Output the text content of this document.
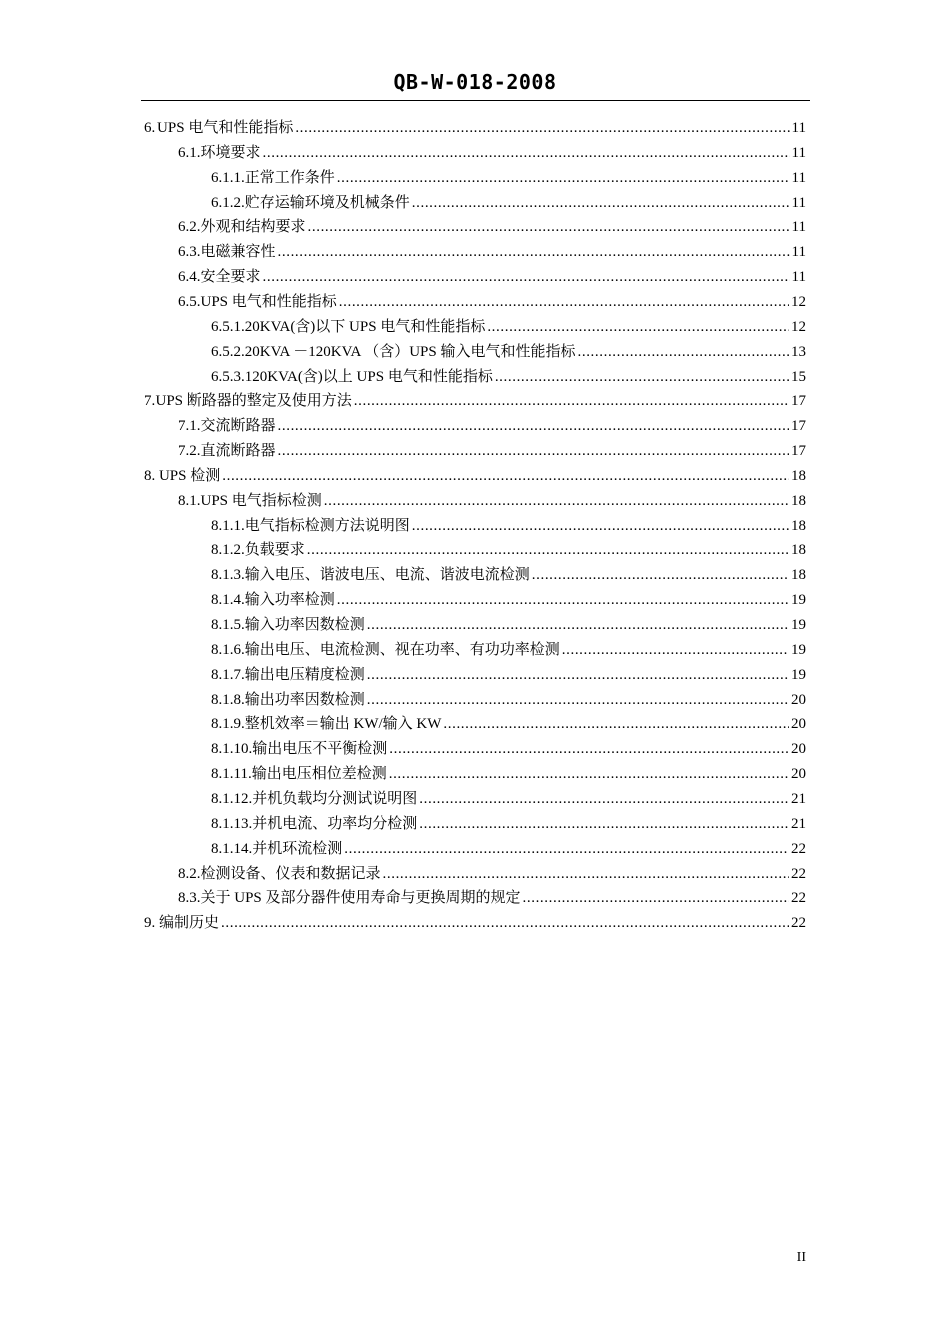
QB-W-018-2008
6. UPS 电气和性能指标 .....	11
6.1. 环境要求 .....	11
6.1.1. 正常工作条件 .....	11
6.1.2. 贮存运输环境及机械条件 .....	11
6.2. 外观和结构要求 .....	11
6.3. 电磁兼容性 .....	11
6.4. 安全要求 .....	11
6.5. UPS 电气和性能指标 .....	12
6.5.1. 20KVA(含)以下 UPS 电气和性能指标 .....	12
6.5.2. 20KVA －120KVA （含）UPS 输入电气和性能指标 .....	13
6.5.3. 120KVA(含)以上 UPS 电气和性能指标 .....	15
7. UPS 断路器的整定及使用方法 .....	17
7.1. 交流断路器 .....	17
7.2. 直流断路器 .....	17
8. UPS 检测 .....	18
8.1. UPS 电气指标检测 .....	18
8.1.1. 电气指标检测方法说明图 .....	18
8.1.2. 负载要求 .....	18
8.1.3. 输入电压、谐波电压、电流、谐波电流检测 .....	18
8.1.4. 输入功率检测 .....	19
8.1.5. 输入功率因数检测 .....	19
8.1.6. 输出电压、电流检测、视在功率、有功功率检测 .....	19
8.1.7. 输出电压精度检测 .....	19
8.1.8. 输出功率因数检测 .....	20
8.1.9. 整机效率＝输出 KW/输入 KW .....	20
8.1.10. 输出电压不平衡检测 .....	20
8.1.11. 输出电压相位差检测 .....	20
8.1.12. 并机负载均分测试说明图 .....	21
8.1.13. 并机电流、功率均分检测 .....	21
8.1.14. 并机环流检测 .....	22
8.2. 检测设备、仪表和数据记录 .....	22
8.3. 关于 UPS 及部分器件使用寿命与更换周期的规定 .....	22
9. 编制历史 .....	22
II
